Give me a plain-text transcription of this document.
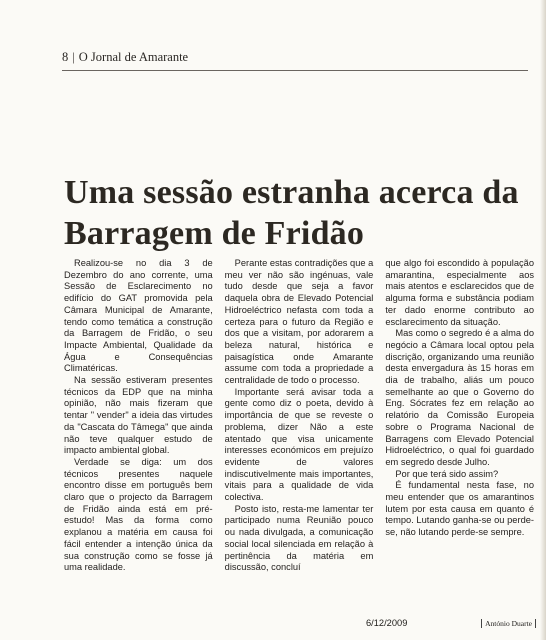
8 | O Jornal de Amarante
Uma sessão estranha acerca da Barragem de Fridão

Realizou-se no dia 3 de Dezembro do ano corrente, uma Sessão de Esclarecimento no edifício do GAT promovida pela Câmara Municipal de Amarante, tendo como temática a construção da Barragem de Fridão, o seu Impacte Ambiental, Qualidade da Água e Consequências Climatéricas.

Na sessão estiveram presentes técnicos da EDP que na minha opinião, não mais fizeram que tentar " vender" a ideia das virtudes da "Cascata do Tâmega" que ainda não teve qualquer estudo de impacto ambiental global.

Verdade se diga: um dos técnicos presentes naquele encontro disse em português bem claro que o projecto da Barragem de Fridão ainda está em pré-estudo! Mas da forma como explanou a matéria em causa foi fácil entender a intenção única da sua construção como se fosse já uma realidade.

Perante estas contradições que a meu ver não são ingénuas, vale tudo desde que seja a favor daquela obra de Elevado Potencial Hidroeléctrico nefasta com toda a certeza para o futuro da Região e dos que a visitam, por adorarem a beleza natural, histórica e paisagística onde Amarante assume com toda a propriedade a centralidade de todo o processo.

Importante será avisar toda a gente como diz o poeta, devido à importância de que se reveste o problema, dizer Não a este atentado que visa unicamente interesses económicos em prejuízo evidente de valores indiscutivelmente mais importantes, vitais para a qualidade de vida colectiva.

Posto isto, resta-me lamentar ter participado numa Reunião pouco ou nada divulgada, a comunicação social local silenciada em relação à pertinência da matéria em discussão, concluí

que algo foi escondido à população amarantina, especialmente aos mais atentos e esclarecidos que de alguma forma e substância podiam ter dado enorme contributo ao esclarecimento da situação.

Mas como o segredo é a alma do negócio a Câmara local optou pela discrição, organizando uma reunião desta envergadura às 15 horas em dia de trabalho, aliás um pouco semelhante ao que o Governo do Eng. Sócrates fez em relação ao relatório da Comissão Europeia sobre o Programa Nacional de Barragens com Elevado Potencial Hidroeléctrico, o qual foi guardado em segredo desde Julho.

Por que terá sido assim?

É fundamental nesta fase, no meu entender que os amarantinos lutem por esta causa em quanto é tempo. Lutando ganha-se ou perde-se, não lutando perde-se sempre.

6/12/2009	António Duarte
